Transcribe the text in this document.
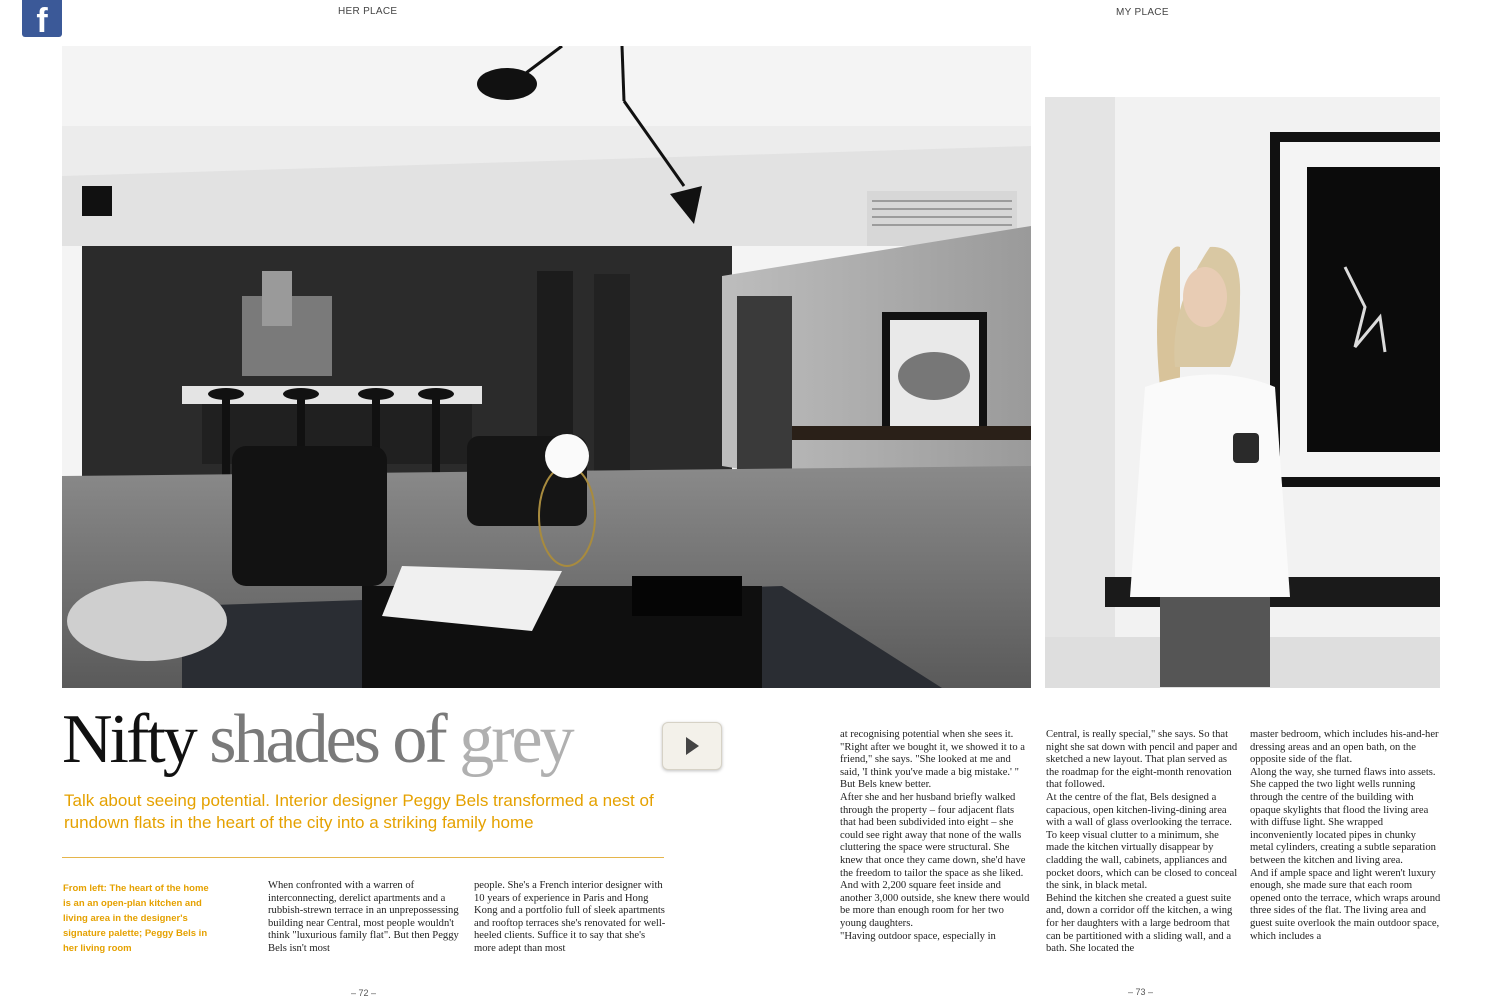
f	HER PLACE	MY PLACE
Nifty shades of grey
Talk about seeing potential. Interior designer Peggy Bels transformed a nest of rundown flats in the heart of the city into a striking family home
From left: The heart of the home is an an open-plan kitchen and living area in the designer's signature palette; Peggy Bels in her living room
When confronted with a warren of interconnecting, derelict apartments and a rubbish-strewn terrace in an unprepossessing building near Central, most people wouldn't think "luxurious family flat". But then Peggy Bels isn't most
people. She's a French interior designer with 10 years of experience in Paris and Hong Kong and a portfolio full of sleek apartments and rooftop terraces she's renovated for well-heeled clients. Suffice it to say that she's more adept than most
at recognising potential when she sees it.
"Right after we bought it, we showed it to a friend," she says. "She looked at me and said, 'I think you've made a big mistake.' " But Bels knew better.
After she and her husband briefly walked through the property – four adjacent flats that had been subdivided into eight – she could see right away that none of the walls cluttering the space were structural. She knew that once they came down, she'd have the freedom to tailor the space as she liked. And with 2,200 square feet inside and another 3,000 outside, she knew there would be more than enough room for her two young daughters.
"Having outdoor space, especially in
Central, is really special," she says. So that night she sat down with pencil and paper and sketched a new layout. That plan served as the roadmap for the eight-month renovation that followed.
At the centre of the flat, Bels designed a capacious, open kitchen-living-dining area with a wall of glass overlooking the terrace. To keep visual clutter to a minimum, she made the kitchen virtually disappear by cladding the wall, cabinets, appliances and pocket doors, which can be closed to conceal the sink, in black metal.
Behind the kitchen she created a guest suite and, down a corridor off the kitchen, a wing for her daughters with a large bedroom that can be partitioned with a sliding wall, and a bath. She located the
master bedroom, which includes his-and-her dressing areas and an open bath, on the opposite side of the flat.
Along the way, she turned flaws into assets. She capped the two light wells running through the centre of the building with opaque skylights that flood the living area with diffuse light. She wrapped inconveniently located pipes in chunky metal cylinders, creating a subtle separation between the kitchen and living area.
And if ample space and light weren't luxury enough, she made sure that each room opened onto the terrace, which wraps around three sides of the flat. The living area and guest suite overlook the main outdoor space, which includes a
– 72 –	– 73 –
